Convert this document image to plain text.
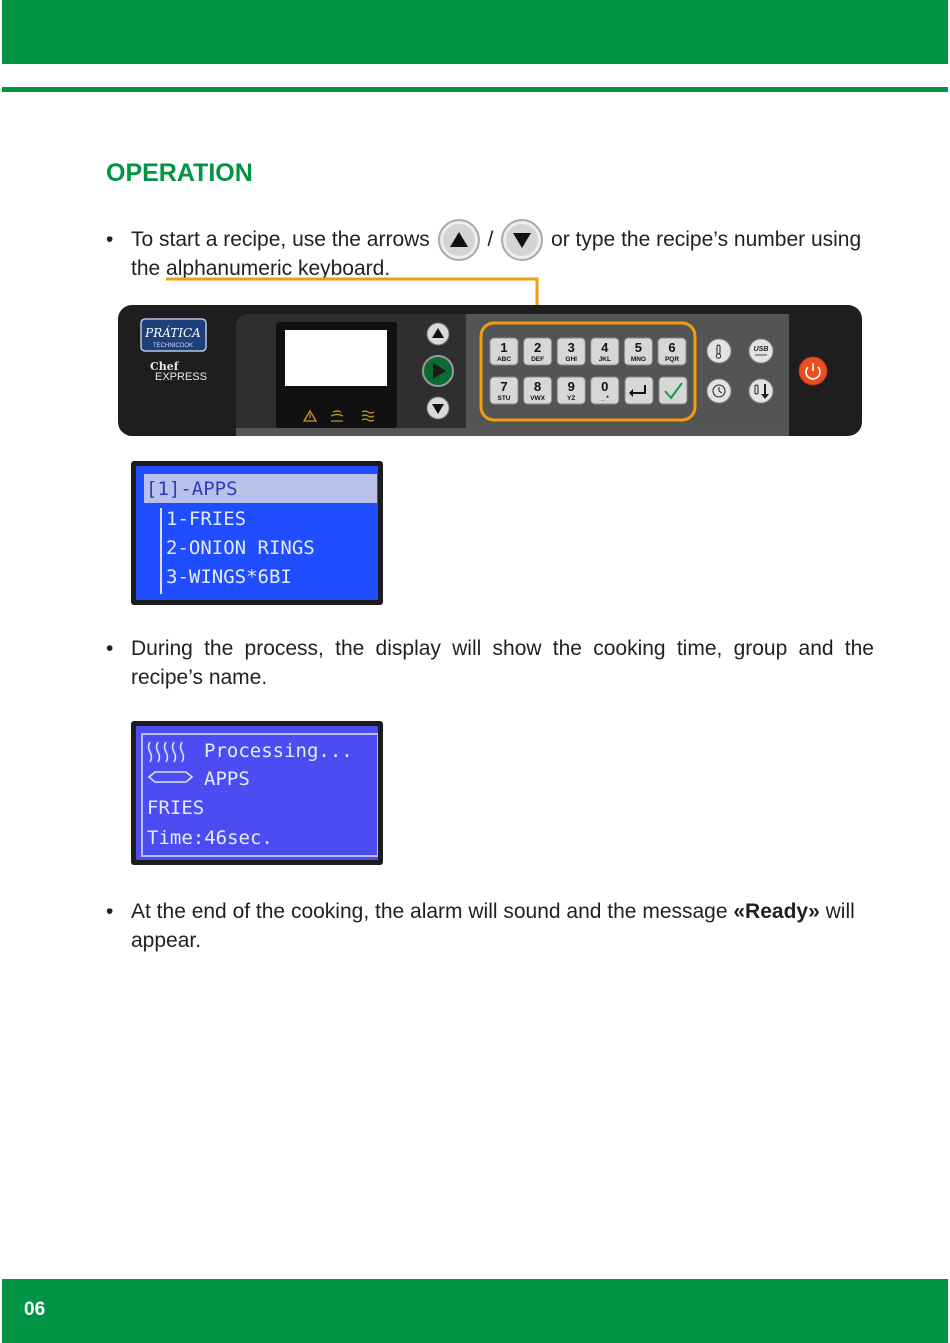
OPERATION
• To start a recipe, use the arrows	/	or type the recipe’s number using
the alphanumeric keyboard.
PRÁTICA
TECHNICOOK
Chef
EXPRESS
1
ABC
2
DEF
3
GHI
4
JKL
5
MNO
6
PQR
7
STU
8
VWX
9
YZ
0
_ *
USB
[1]-APPS
1-FRIES
2-ONION RINGS
3-WINGS*6BI
• During the process, the display will show the cooking time, group and the recipe’s name.
Processing...
APPS
FRIES
Time:46sec.
• At the end of the cooking, the alarm will sound and the message «Ready» will appear.
06
